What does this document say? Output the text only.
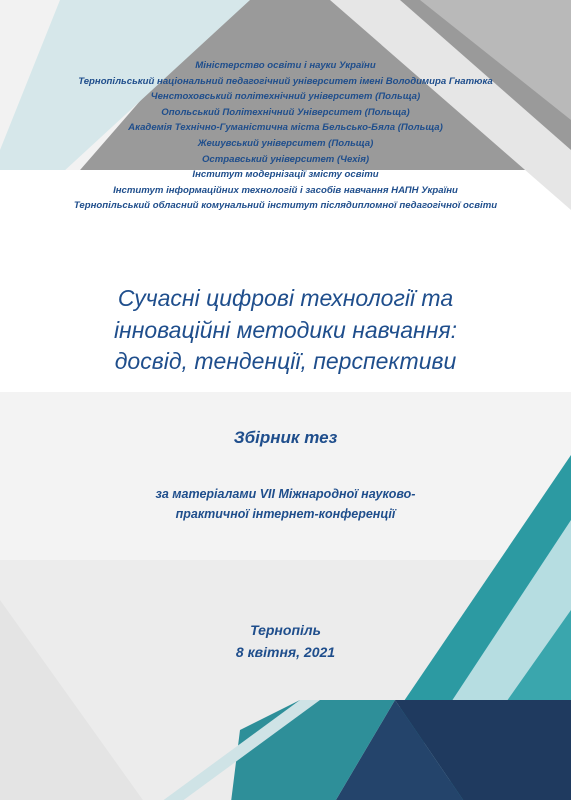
Міністерство освіти і науки України
Тернопільський національний педагогічний університет імені Володимира Гнатюка
Ченстоховський політехнічний університет (Польща)
Опольський Політехнічний Університет (Польща)
Академія Технічно-Гуманістична міста Бельсько-Бяла (Польща)
Жешувський університет (Польща)
Остравський університет (Чехія)
Інститут модернізації змісту освіти
Інститут інформаційних технологій і засобів навчання НАПН України
Тернопільський обласний комунальний інститут післядипломної педагогічної освіти
Сучасні цифрові технології та
інноваційні методики навчання:
досвід, тенденції, перспективи
Збірник тез
за матеріалами VII Міжнародної науково-
практичної інтернет-конференції
Тернопіль
8 квітня, 2021
